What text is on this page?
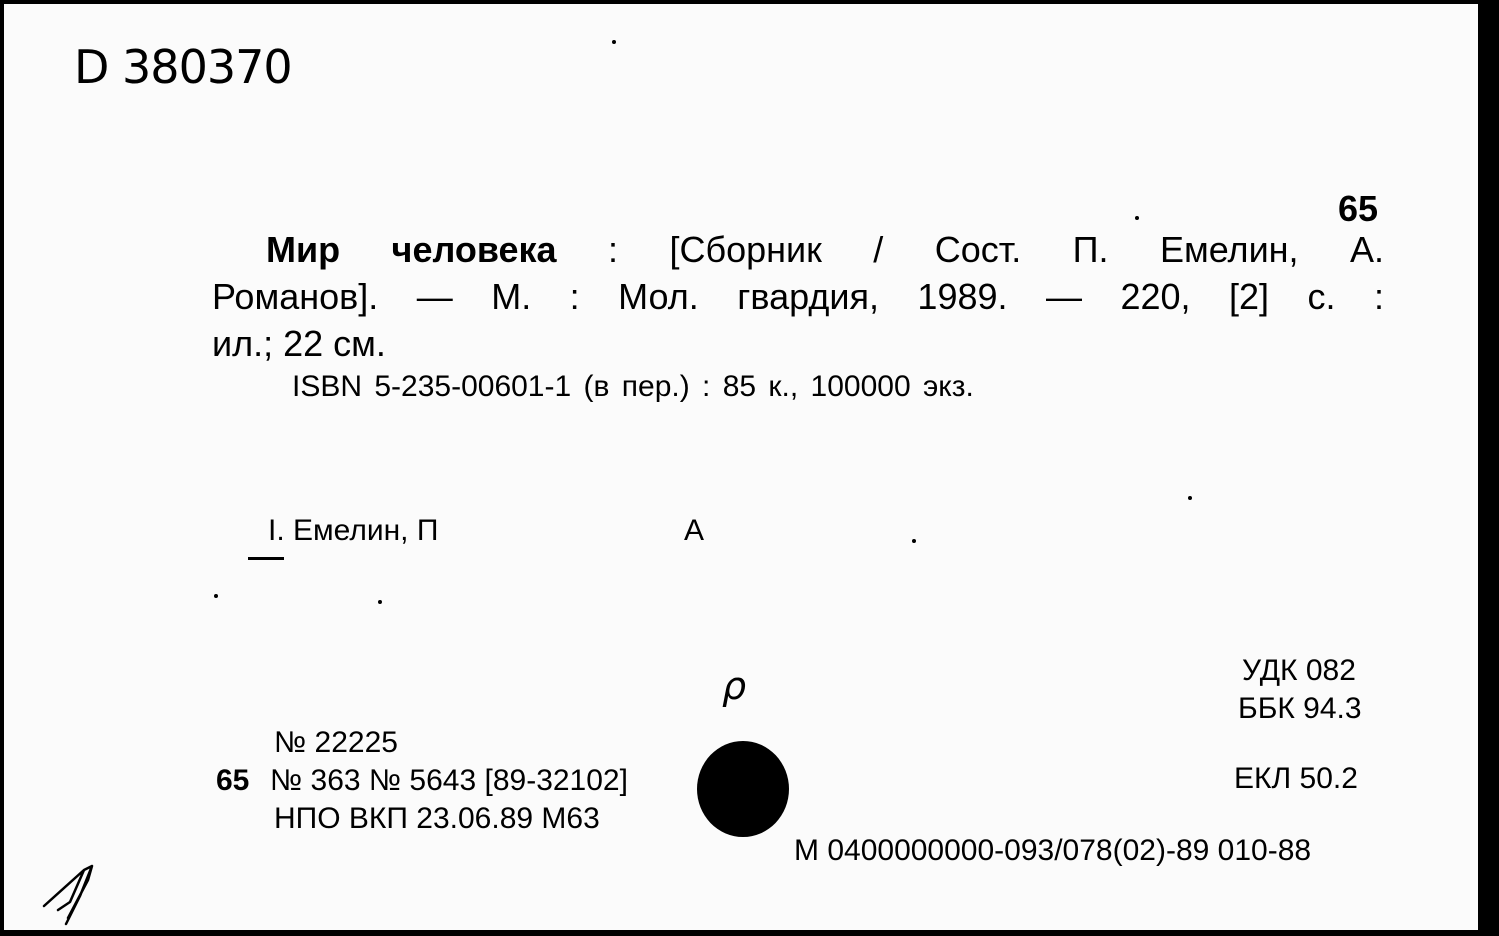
D 380370
65
Мир человека : [Сборник / Сост. П. Емелин, А.
Романов]. — М. : Мол. гвардия, 1989. — 220, [2] с. :
ил.; 22 см.
ISBN 5-235-00601-1 (в пер.) : 85 к., 100000 экз.
I. Емелин, П	А
ρ
№ 22225
65 № 363 № 5643 [89-32102]
НПО ВКП 23.06.89 М63
УДК 082
ББК 94.3
ЕКЛ 50.2
М 0400000000-093/078(02)-89 010-88
